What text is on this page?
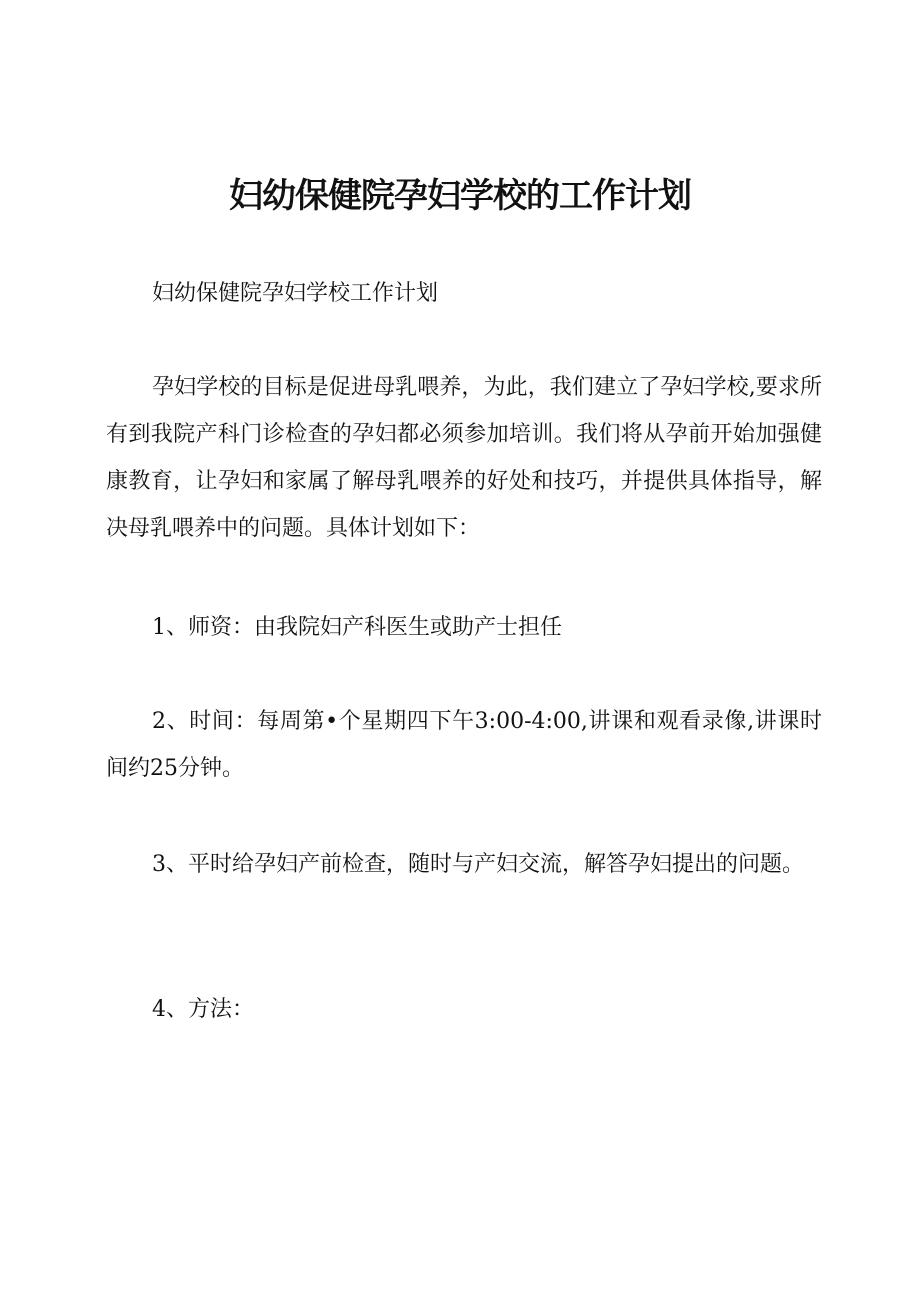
妇幼保健院孕妇学校的工作计划

妇幼保健院孕妇学校工作计划

孕妇学校的目标是促进母乳喂养，为此，我们建立了孕妇学校,要求所有到我院产科门诊检查的孕妇都必须参加培训。我们将从孕前开始加强健康教育，让孕妇和家属了解母乳喂养的好处和技巧，并提供具体指导，解决母乳喂养中的问题。具体计划如下：

1、师资：由我院妇产科医生或助产士担任

2、时间：每周第•个星期四下午3:00-4:00,讲课和观看录像,讲课时间约25分钟。

3、平时给孕妇产前检查，随时与产妇交流，解答孕妇提出的问题。

4、方法：
